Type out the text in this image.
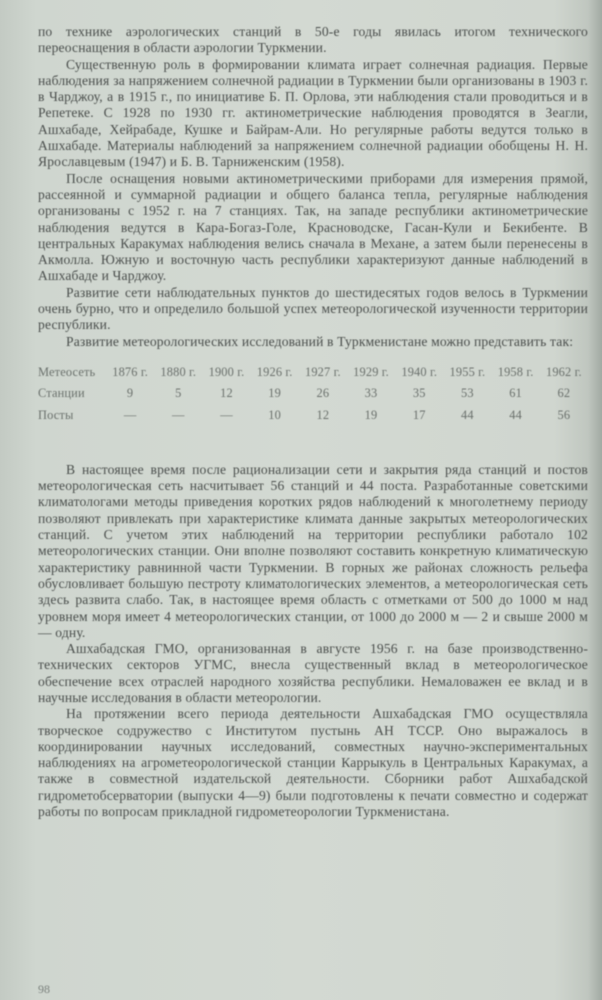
по технике аэрологических станций в 50-е годы явилась итогом технического переоснащения в области аэрологии Туркмении.

Существенную роль в формировании климата играет солнечная радиация. Первые наблюдения за напряжением солнечной радиации в Туркмении были организованы в 1903 г. в Чарджоу, а в 1915 г., по инициативе Б. П. Орлова, эти наблюдения стали проводиться и в Репетеке. С 1928 по 1930 гг. актинометрические наблюдения проводятся в Зеагли, Ашхабаде, Хейрабаде, Кушке и Байрам-Али. Но регулярные работы ведутся только в Ашхабаде. Материалы наблюдений за напряжением солнечной радиации обобщены Н. Н. Ярославцевым (1947) и Б. В. Тарниженским (1958).

После оснащения новыми актинометрическими приборами для измерения прямой, рассеянной и суммарной радиации и общего баланса тепла, регулярные наблюдения организованы с 1952 г. на 7 станциях. Так, на западе республики актинометрические наблюдения ведутся в Кара-Богаз-Голе, Красноводске, Гасан-Кули и Бекибенте. В центральных Каракумах наблюдения велись сначала в Механе, а затем были перенесены в Акмолла. Южную и восточную часть республики характеризуют данные наблюдений в Ашхабаде и Чарджоу.

Развитие сети наблюдательных пунктов до шестидесятых годов велось в Туркмении очень бурно, что и определило большой успех метеорологической изученности территории республики.

Развитие метеорологических исследований в Туркменистане можно представить так:

Метеосеть	1876 г.	1880 г.	1900 г.	1926 г.	1927 г.	1929 г.	1940 г.	1955 г.	1958 г.	1962 г.
Станции	9	5	12	19	26	33	35	53	61	62
Посты	—	—	—	10	12	19	17	44	44	56

В настоящее время после рационализации сети и закрытия ряда станций и постов метеорологическая сеть насчитывает 56 станций и 44 поста. Разработанные советскими климатологами методы приведения коротких рядов наблюдений к многолетнему периоду позволяют привлекать при характеристике климата данные закрытых метеорологических станций. С учетом этих наблюдений на территории республики работало 102 метеорологических станции. Они вполне позволяют составить конкретную климатическую характеристику равнинной части Туркмении. В горных же районах сложность рельефа обусловливает большую пестроту климатологических элементов, а метеорологическая сеть здесь развита слабо. Так, в настоящее время область с отметками от 500 до 1000 м над уровнем моря имеет 4 метеорологических станции, от 1000 до 2000 м — 2 и свыше 2000 м — одну.

Ашхабадская ГМО, организованная в августе 1956 г. на базе производственно-технических секторов УГМС, внесла существенный вклад в метеорологическое обеспечение всех отраслей народного хозяйства республики. Немаловажен ее вклад и в научные исследования в области метеорологии.

На протяжении всего периода деятельности Ашхабадская ГМО осуществляла творческое содружество с Институтом пустынь АН ТССР. Оно выражалось в координировании научных исследований, совместных научно-экспериментальных наблюдениях на агрометеорологической станции Каррыкуль в Центральных Каракумах, а также в совместной издательской деятельности. Сборники работ Ашхабадской гидрометобсерватории (выпуски 4—9) были подготовлены к печати совместно и содержат работы по вопросам прикладной гидрометеорологии Туркменистана.

98
